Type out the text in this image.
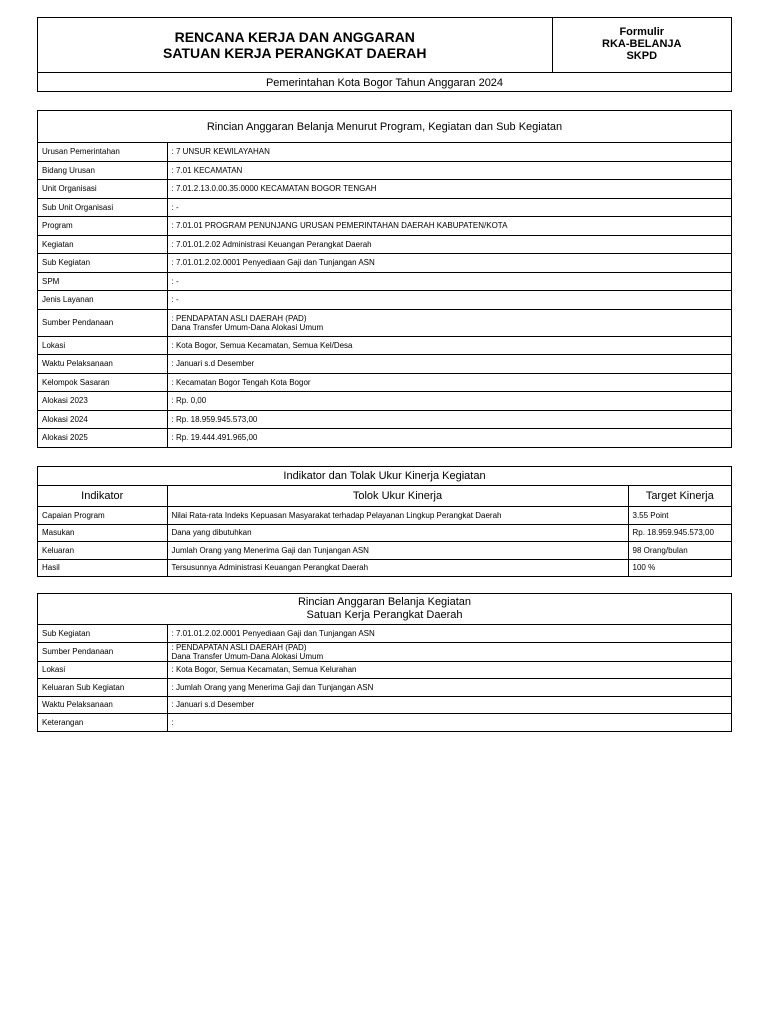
RENCANA KERJA DAN ANGGARAN
SATUAN KERJA PERANGKAT DAERAH

Formulir
RKA-BELANJA
SKPD

Pemerintahan Kota Bogor Tahun Anggaran 2024
Rincian Anggaran Belanja Menurut Program, Kegiatan dan Sub Kegiatan	
Urusan Pemerintahan	: 7 UNSUR KEWILAYAHAN
Bidang Urusan	: 7.01 KECAMATAN
Unit Organisasi	: 7.01.2.13.0.00.35.0000 KECAMATAN BOGOR TENGAH
Sub Unit Organisasi	: -
Program	: 7.01.01 PROGRAM PENUNJANG URUSAN PEMERINTAHAN DAERAH KABUPATEN/KOTA
Kegiatan	: 7.01.01.2.02 Administrasi Keuangan Perangkat Daerah
Sub Kegiatan	: 7.01.01.2.02.0001 Penyediaan Gaji dan Tunjangan ASN
SPM	: -
Jenis Layanan	: -
Sumber Pendanaan	: PENDAPATAN ASLI DAERAH (PAD)
Dana Transfer Umum-Dana Alokasi Umum

Lokasi	: Kota Bogor, Semua Kecamatan, Semua Kel/Desa
Waktu Pelaksanaan	: Januari s.d Desember
Kelompok Sasaran	: Kecamatan Bogor Tengah Kota Bogor
Alokasi 2023	: Rp. 0,00
Alokasi 2024	: Rp. 18.959.945.573,00
Alokasi 2025	: Rp. 19.444.491.965,00
Indikator dan Tolak Ukur Kinerja Kegiatan		
Indikator	Tolok Ukur Kinerja	Target Kinerja
Capaian Program	Nilai Rata-rata Indeks Kepuasan Masyarakat terhadap Pelayanan Lingkup Perangkat Daerah	3.55 Point
Masukan	Dana yang dibutuhkan	Rp. 18.959.945.573,00
Keluaran	Jumlah Orang yang Menerima Gaji dan Tunjangan ASN	98 Orang/bulan
Hasil	Tersusunnya Administrasi Keuangan Perangkat Daerah	100 %
Rincian Anggaran Belanja Kegiatan
Satuan Kerja Perangkat Daerah	

Sub Kegiatan	: 7.01.01.2.02.0001 Penyediaan Gaji dan Tunjangan ASN
Sumber Pendanaan	: PENDAPATAN ASLI DAERAH (PAD)
Dana Transfer Umum-Dana Alokasi Umum

Lokasi	: Kota Bogor, Semua Kecamatan, Semua Kelurahan
Keluaran Sub Kegiatan	: Jumlah Orang yang Menerima Gaji dan Tunjangan ASN
Waktu Pelaksanaan	: Januari s.d Desember
Keterangan	:
